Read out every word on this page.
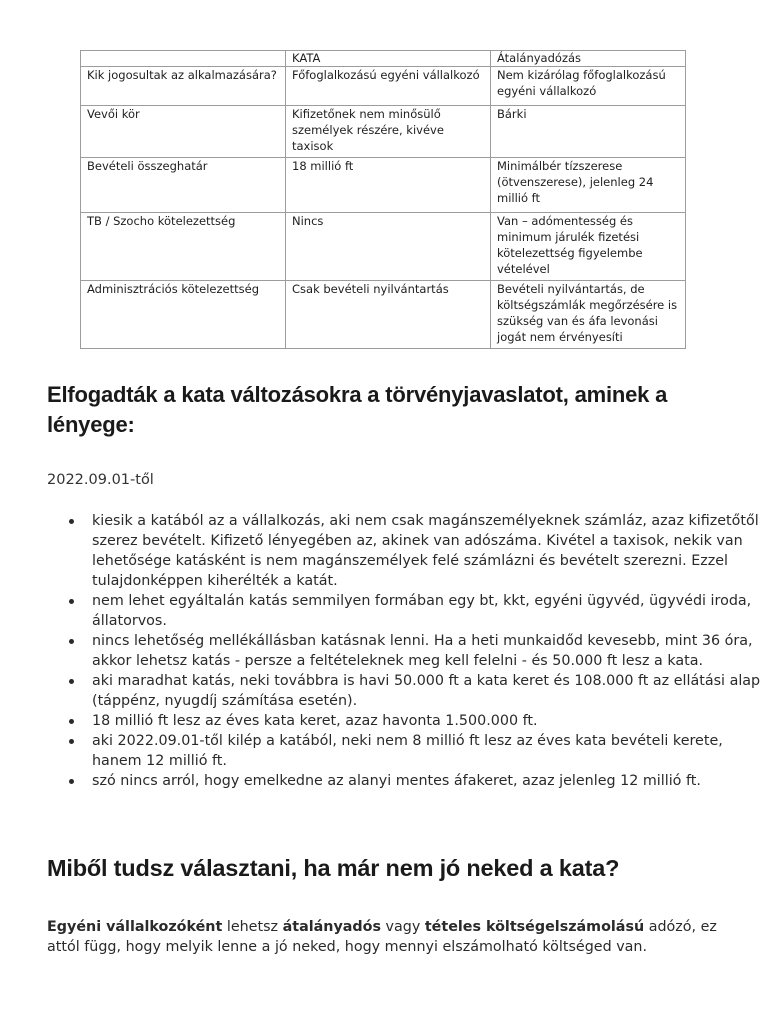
	KATA	Átalányadózás
Kik jogosultak az alkalmazására?	Főfoglalkozású egyéni vállalkozó	Nem kizárólag főfoglalkozású egyéni vállalkozó
Vevői kör	Kifizetőnek nem minősülő személyek részére, kivéve taxisok	Bárki
Bevételi összeghatár	18 millió ft	Minimálbér tízszerese (ötvenszerese), jelenleg 24 millió ft
TB / Szocho kötelezettség	Nincs	Van – adómentesség és minimum járulék fizetési kötelezettség figyelembe vételével
Adminisztrációs kötelezettség	Csak bevételi nyilvántartás	Bevételi nyilvántartás, de költségszámlák megőrzésére is szükség van és áfa levonási jogát nem érvényesíti
Elfogadták a kata változásokra a törvényjavaslatot, aminek a lényege:
2022.09.01-től
kiesik a katából az a vállalkozás, aki nem csak magánszemélyeknek számláz, azaz kifizetőtől szerez bevételt. Kifizető lényegében az, akinek van adószáma. Kivétel a taxisok, nekik van lehetősége katásként is nem magánszemélyek felé számlázni és bevételt szerezni. Ezzel tulajdonképpen kiherélték a katát.
nem lehet egyáltalán katás semmilyen formában egy bt, kkt, egyéni ügyvéd, ügyvédi iroda, állatorvos.
nincs lehetőség mellékállásban katásnak lenni. Ha a heti munkaidőd kevesebb, mint 36 óra, akkor lehetsz katás - persze a feltételeknek meg kell felelni - és 50.000 ft lesz a kata.
aki maradhat katás, neki továbbra is havi 50.000 ft a kata keret és 108.000 ft az ellátási alap (táppénz, nyugdíj számítása esetén).
18 millió ft lesz az éves kata keret, azaz havonta 1.500.000 ft.
aki 2022.09.01-től kilép a katából, neki nem 8 millió ft lesz az éves kata bevételi kerete, hanem 12 millió ft.
szó nincs arról, hogy emelkedne az alanyi mentes áfakeret, azaz jelenleg 12 millió ft.
Miből tudsz választani, ha már nem jó neked a kata?

Egyéni vállalkozóként lehetsz átalányadós vagy tételes költségelszámolású adózó, ez attól függ, hogy melyik lenne a jó neked, hogy mennyi elszámolható költséged van.
